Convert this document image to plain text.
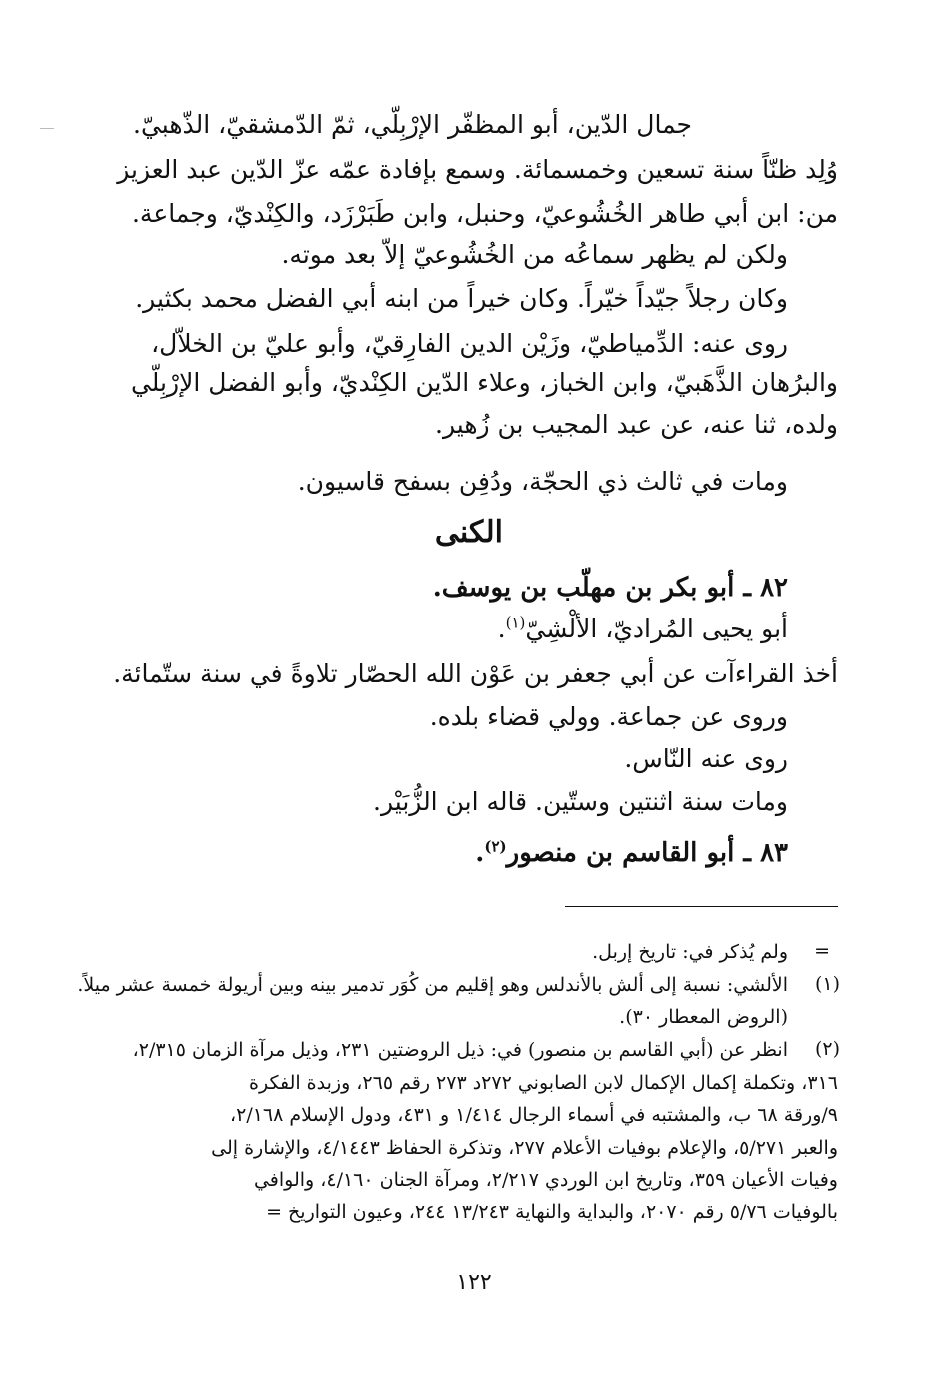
جمال الدّين، أبو المظفّر الإرْبِلّي، ثمّ الدّمشقيّ، الذّهبيّ.
وُلِد ظنّاً سنة تسعين وخمسمائة. وسمع بإفادة عمّه عزّ الدّين عبد العزيز
من: ابن أبي طاهر الخُشُوعيّ، وحنبل، وابن طَبَرْزَد، والكِنْديّ، وجماعة.
ولكن لم يظهر سماعُه من الخُشُوعيّ إلاّ بعد موته.
وكان رجلاً جيّداً خيّراً. وكان خيراً من ابنه أبي الفضل محمد بكثير.
روى عنه: الدِّمياطيّ، وزَيْن الدين الفارِقيّ، وأبو عليّ بن الخلاّل،
والبرُهان الذَّهَبيّ، وابن الخباز، وعلاء الدّين الكِنْديّ، وأبو الفضل الإرْبِلّي
ولده، ثنا عنه، عن عبد المجيب بن زُهير.
ومات في ثالث ذي الحجّة، ودُفِن بسفح قاسيون.
الكنى
٨٢ ـ أبو بكر بن مهلّب بن يوسف.
أبو يحيى المُراديّ، الألْشِيّ$^{(١)}$.
أخذ القراءآت عن أبي جعفر بن عَوْن الله الحصّار تلاوةً في سنة ستّمائة.
وروى عن جماعة. وولي قضاء بلده.
روى عنه النّاس.
ومات سنة اثنتين وستّين. قاله ابن الزُّبَيْر.
٨٣ ـ أبو القاسم بن منصور$^{(٢)}$.
=
ولم يُذكر في: تاريخ إربل.
(١)
الألشي: نسبة إلى ألش بالأندلس وهو إقليم من كُوَر تدمير بينه وبين أريولة خمسة عشر ميلاً.
(الروض المعطار ٣٠).
(٢)
انظر عن (أبي القاسم بن منصور) في: ذيل الروضتين ٢٣١، وذيل مرآة الزمان ٢/٣١٥،
٣١٦، وتكملة إكمال الإكمال لابن الصابوني ٢٧٢د ٢٧٣ رقم ٢٦٥، وزبدة الفكرة
٩/ورقة ٦٨ ب، والمشتبه في أسماء الرجال ١/٤١٤ و ٤٣١، ودول الإسلام ٢/١٦٨،
والعبر ٥/٢٧١، والإعلام بوفيات الأعلام ٢٧٧، وتذكرة الحفاظ ٤/١٤٤٣، والإشارة إلى
وفيات الأعيان ٣٥٩، وتاريخ ابن الوردي ٢/٢١٧، ومرآة الجنان ٤/١٦٠، والوافي
بالوفيات ٥/٧٦ رقم ٢٠٧٠، والبداية والنهاية ١٣/٢٤٣ ٢٤٤، وعيون التواريخ =
١٢٢
